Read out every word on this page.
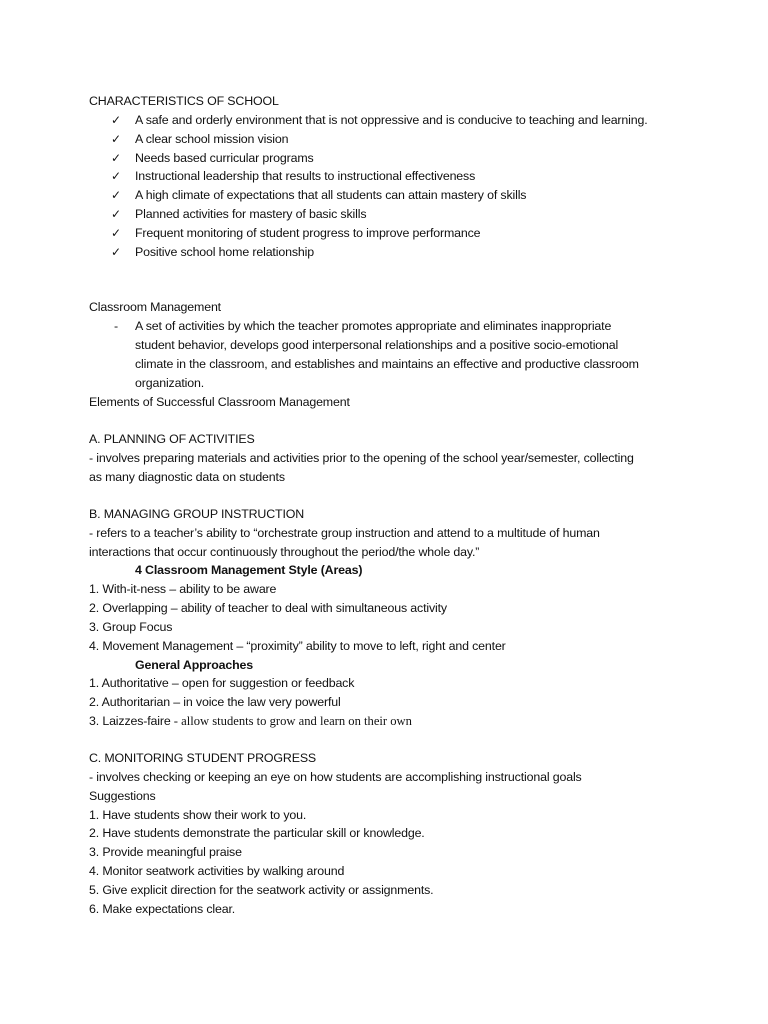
CHARACTERISTICS OF SCHOOL
✓ A safe and orderly environment that is not oppressive and is conducive to teaching and learning.
✓ A clear school mission vision
✓ Needs based curricular programs
✓ Instructional leadership that results to instructional effectiveness
✓ A high climate of expectations that all students can attain mastery of skills
✓ Planned activities for mastery of basic skills
✓ Frequent monitoring of student progress to improve performance
✓ Positive school home relationship
Classroom Management
- A set of activities by which the teacher promotes appropriate and eliminates inappropriate
student behavior, develops good interpersonal relationships and a positive socio-emotional
climate in the classroom, and establishes and maintains an effective and productive classroom
organization.
Elements of Successful Classroom Management
A. PLANNING OF ACTIVITIES
- involves preparing materials and activities prior to the opening of the school year/semester, collecting
as many diagnostic data on students
B. MANAGING GROUP INSTRUCTION
- refers to a teacher’s ability to “orchestrate group instruction and attend to a multitude of human
interactions that occur continuously throughout the period/the whole day.”
4 Classroom Management Style (Areas)
1. With-it-ness – ability to be aware
2. Overlapping – ability of teacher to deal with simultaneous activity
3. Group Focus
4. Movement Management – “proximity” ability to move to left, right and center
General Approaches
1. Authoritative – open for suggestion or feedback
2. Authoritarian – in voice the law very powerful
3. Laizzes-faire - allow students to grow and learn on their own
C. MONITORING STUDENT PROGRESS
- involves checking or keeping an eye on how students are accomplishing instructional goals
Suggestions
1. Have students show their work to you.
2. Have students demonstrate the particular skill or knowledge.
3. Provide meaningful praise
4. Monitor seatwork activities by walking around
5. Give explicit direction for the seatwork activity or assignments.
6. Make expectations clear.
